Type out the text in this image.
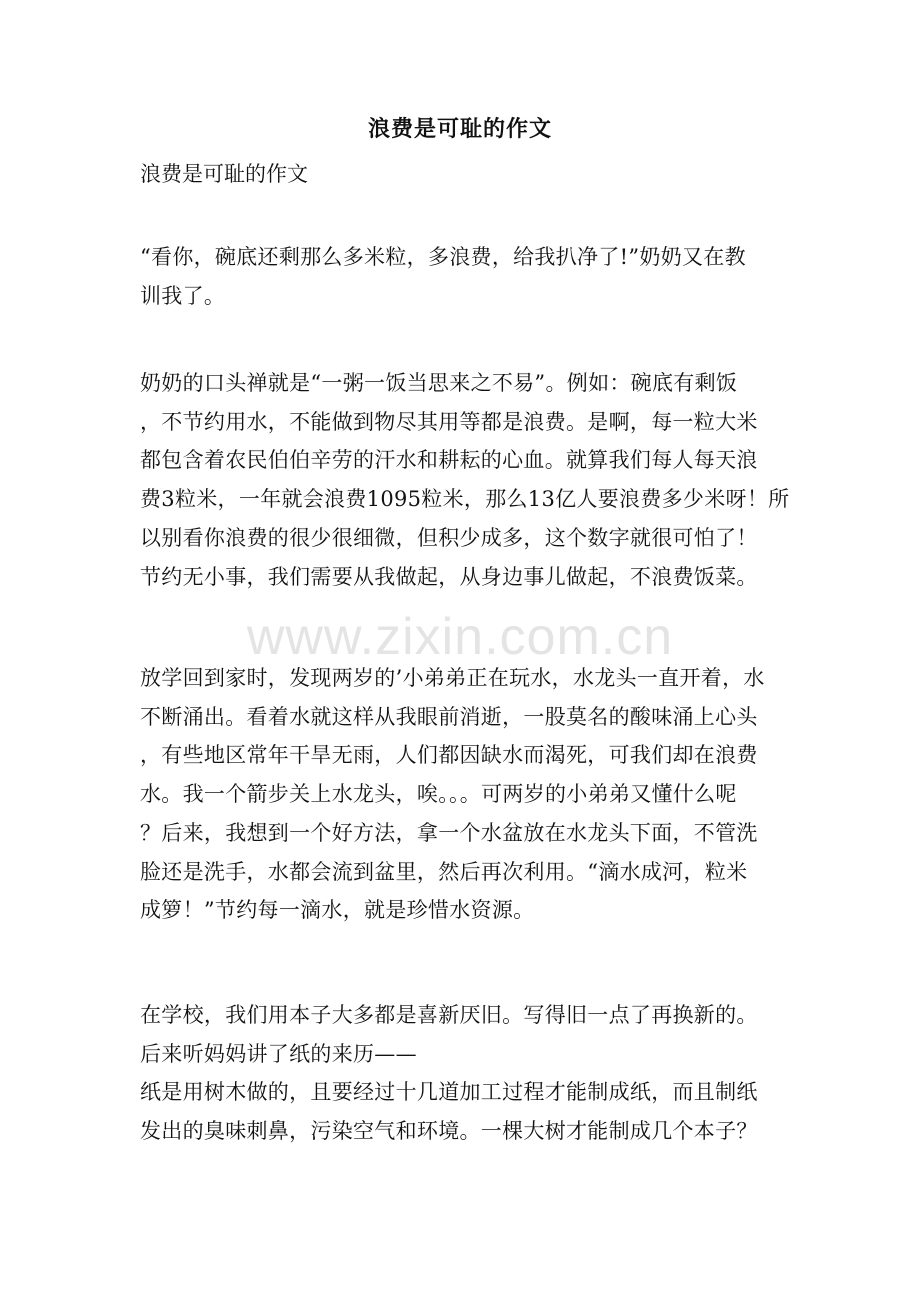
浪费是可耻的作文
浪费是可耻的作文

“看你，碗底还剩那么多米粒，多浪费，给我扒净了!”奶奶又在教
训我了。

奶奶的口头禅就是“一粥一饭当思来之不易”。例如：碗底有剩饭
，不节约用水，不能做到物尽其用等都是浪费。是啊，每一粒大米
都包含着农民伯伯辛劳的汗水和耕耘的心血。就算我们每人每天浪
费3粒米，一年就会浪费1095粒米，那么13亿人要浪费多少米呀！所
以别看你浪费的很少很细微，但积少成多，这个数字就很可怕了！
节约无小事，我们需要从我做起，从身边事儿做起，不浪费饭菜。

放学回到家时，发现两岁的’小弟弟正在玩水，水龙头一直开着，水
不断涌出。看着水就这样从我眼前消逝，一股莫名的酸味涌上心头
，有些地区常年干旱无雨，人们都因缺水而渴死，可我们却在浪费
水。我一个箭步关上水龙头，唉。。。可两岁的小弟弟又懂什么呢
？后来，我想到一个好方法，拿一个水盆放在水龙头下面，不管洗
脸还是洗手，水都会流到盆里，然后再次利用。“滴水成河，粒米
成箩！”节约每一滴水，就是珍惜水资源。

在学校，我们用本子大多都是喜新厌旧。写得旧一点了再换新的。
后来听妈妈讲了纸的来历——
纸是用树木做的，且要经过十几道加工过程才能制成纸，而且制纸
发出的臭味刺鼻，污染空气和环境。一棵大树才能制成几个本子？

www.zixin.com.cn
